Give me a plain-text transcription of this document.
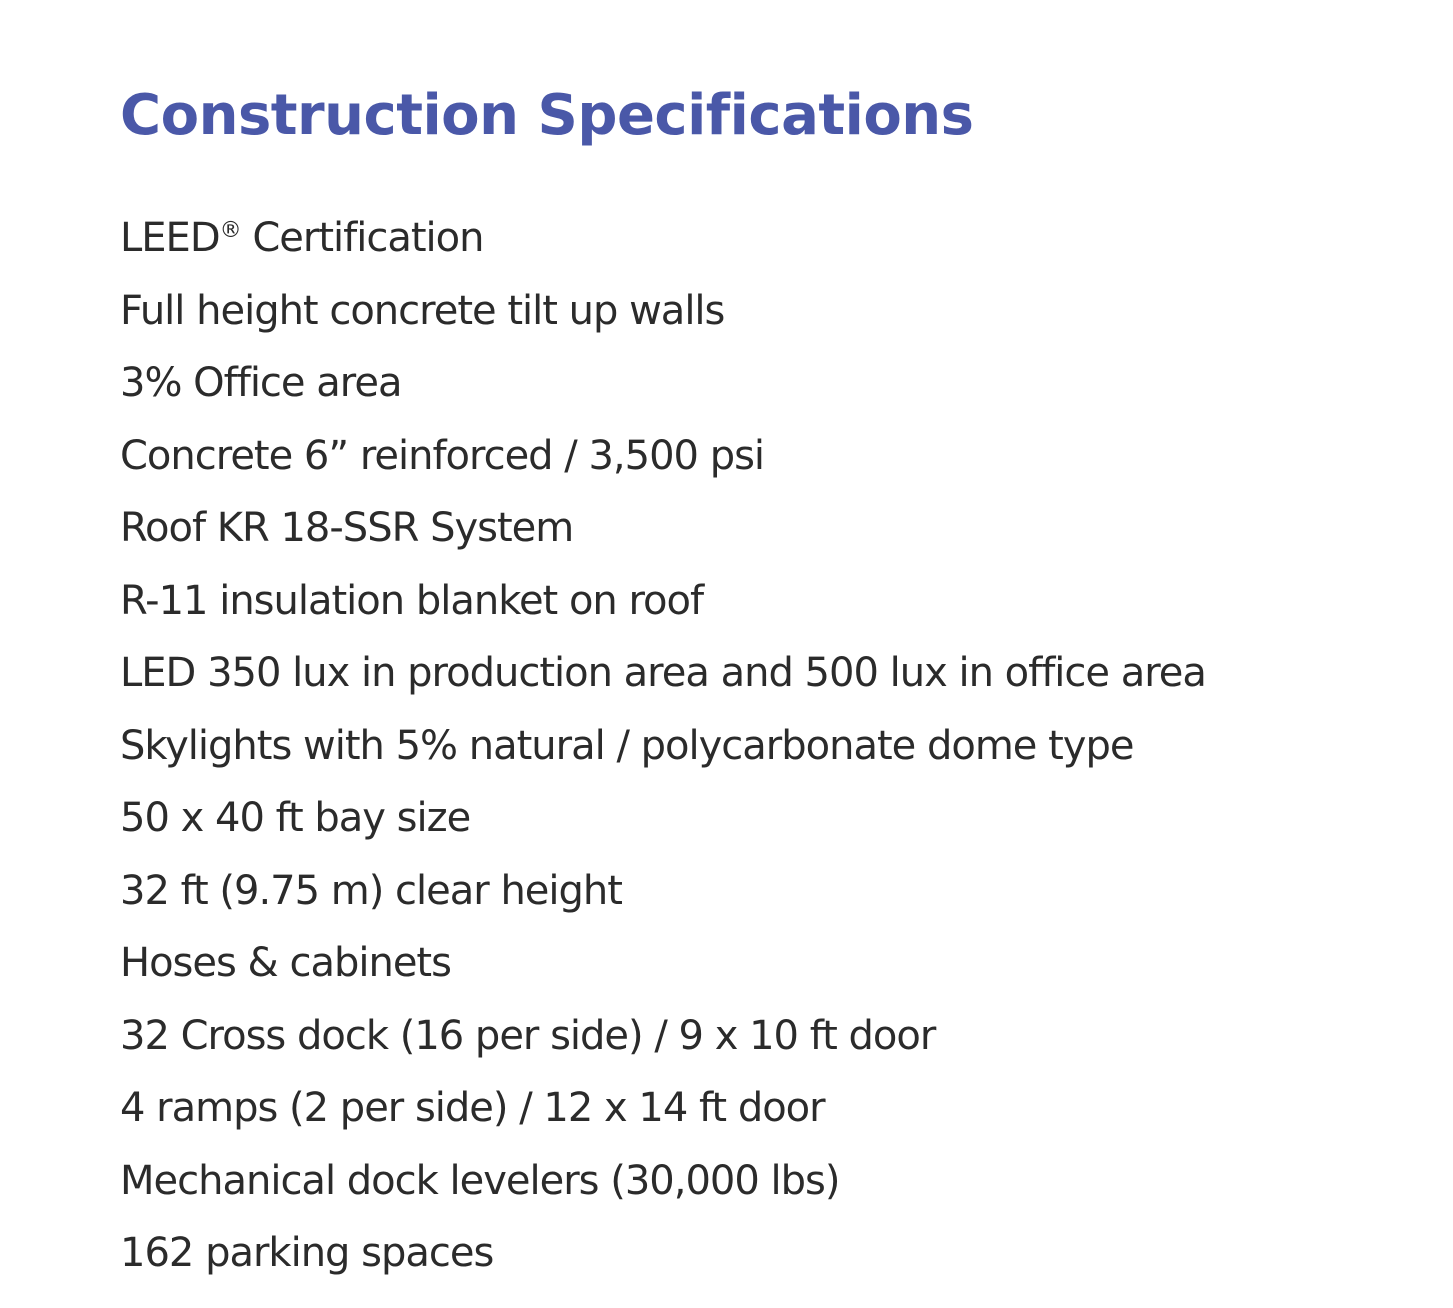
Construction Specifications
LEED® Certification
Full height concrete tilt up walls
3% Office area
Concrete 6” reinforced / 3,500 psi
Roof KR 18-SSR System
R-11 insulation blanket on roof
LED 350 lux in production area and 500 lux in office area
Skylights with 5% natural / polycarbonate dome type
50 x 40 ft bay size
32 ft (9.75 m) clear height
Hoses & cabinets
32 Cross dock (16 per side) / 9 x 10 ft door
4 ramps (2 per side) / 12 x 14 ft door
Mechanical dock levelers (30,000 lbs)
162 parking spaces
